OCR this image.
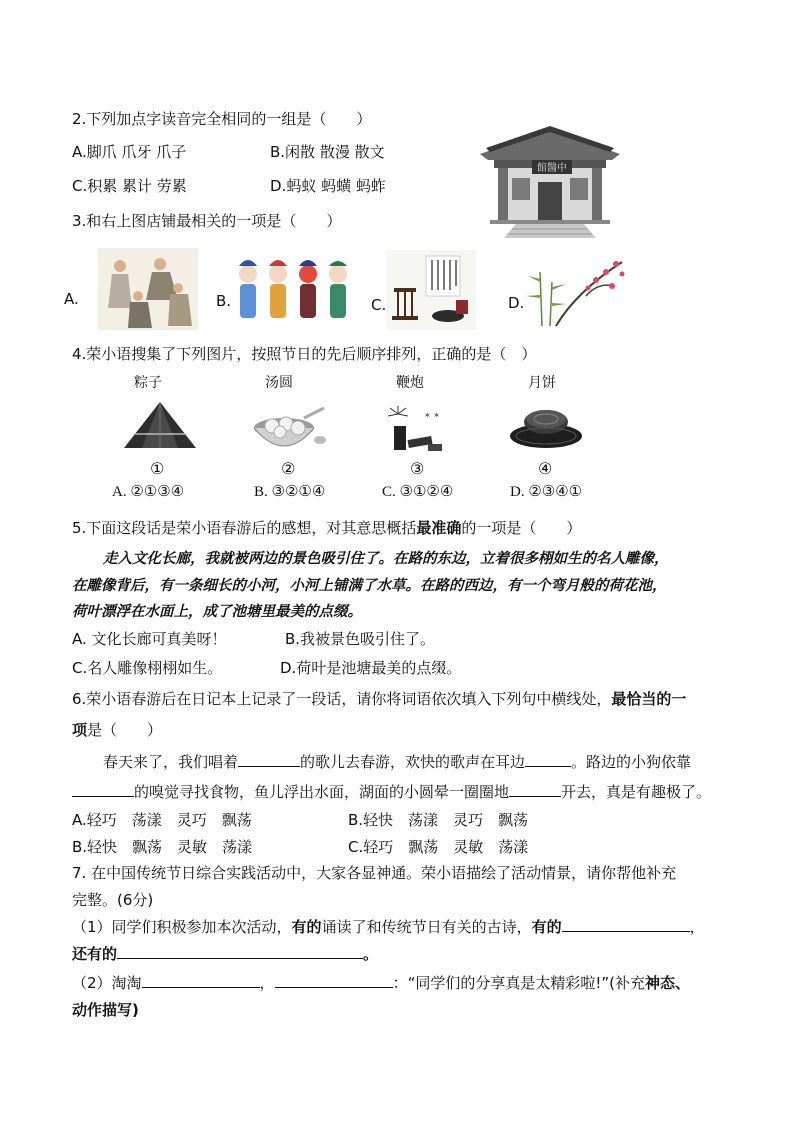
2.下列加点字读音完全相同的一组是（　　）
A.脚爪 爪牙 爪子	B.闲散 散漫 散文
C.积累 累计 劳累	D.蚂蚁 蚂蟥 蚂蚱
館醫中
3.和右上图店铺最相关的一项是（　　）
A.	B.	C.	D.
4.荣小语搜集了下列图片，按照节日的先后顺序排列，正确的是（　）
粽子	汤圆	鞭炮	月饼
✶ ✶
①	②	③	④
A. ②①③④	B. ③②①④	C. ③①②④	D. ②③④①
5.下面这段话是荣小语春游后的感想，对其意思概括最准确的一项是（　　）
走入文化长廊，我就被两边的景色吸引住了。在路的东边，立着很多栩如生的名人雕像，
在雕像背后，有一条细长的小河，小河上铺满了水草。在路的西边，有一个弯月般的荷花池，
荷叶漂浮在水面上，成了池塘里最美的点缀。
A. 文化长廊可真美呀！	B.我被景色吸引住了。
C.名人雕像栩栩如生。	D.荷叶是池塘最美的点缀。
6.荣小语春游后在日记本上记录了一段话，请你将词语依次填入下列句中横线处，最恰当的一
项是（　　）
春天来了，我们唱着	的歌儿去春游，欢快的歌声在耳边	。路边的小狗依靠
的嗅觉寻找食物，鱼儿浮出水面，湖面的小圆晕一圈圈地	开去，真是有趣极了。
A.轻巧　荡漾　灵巧　飘荡	B.轻快　荡漾　灵巧　飘荡
B.轻快　飘荡　灵敏　荡漾	C.轻巧　飘荡　灵敏　荡漾
7. 在中国传统节日综合实践活动中，大家各显神通。荣小语描绘了活动情景，请你帮他补充
完整。(6分)
（1）同学们积极参加本次活动，有的诵读了和传统节日有关的古诗，有的	，
还有的	。
（2）淘淘	，	：“同学们的分享真是太精彩啦!”(补充神态、
动作描写)
